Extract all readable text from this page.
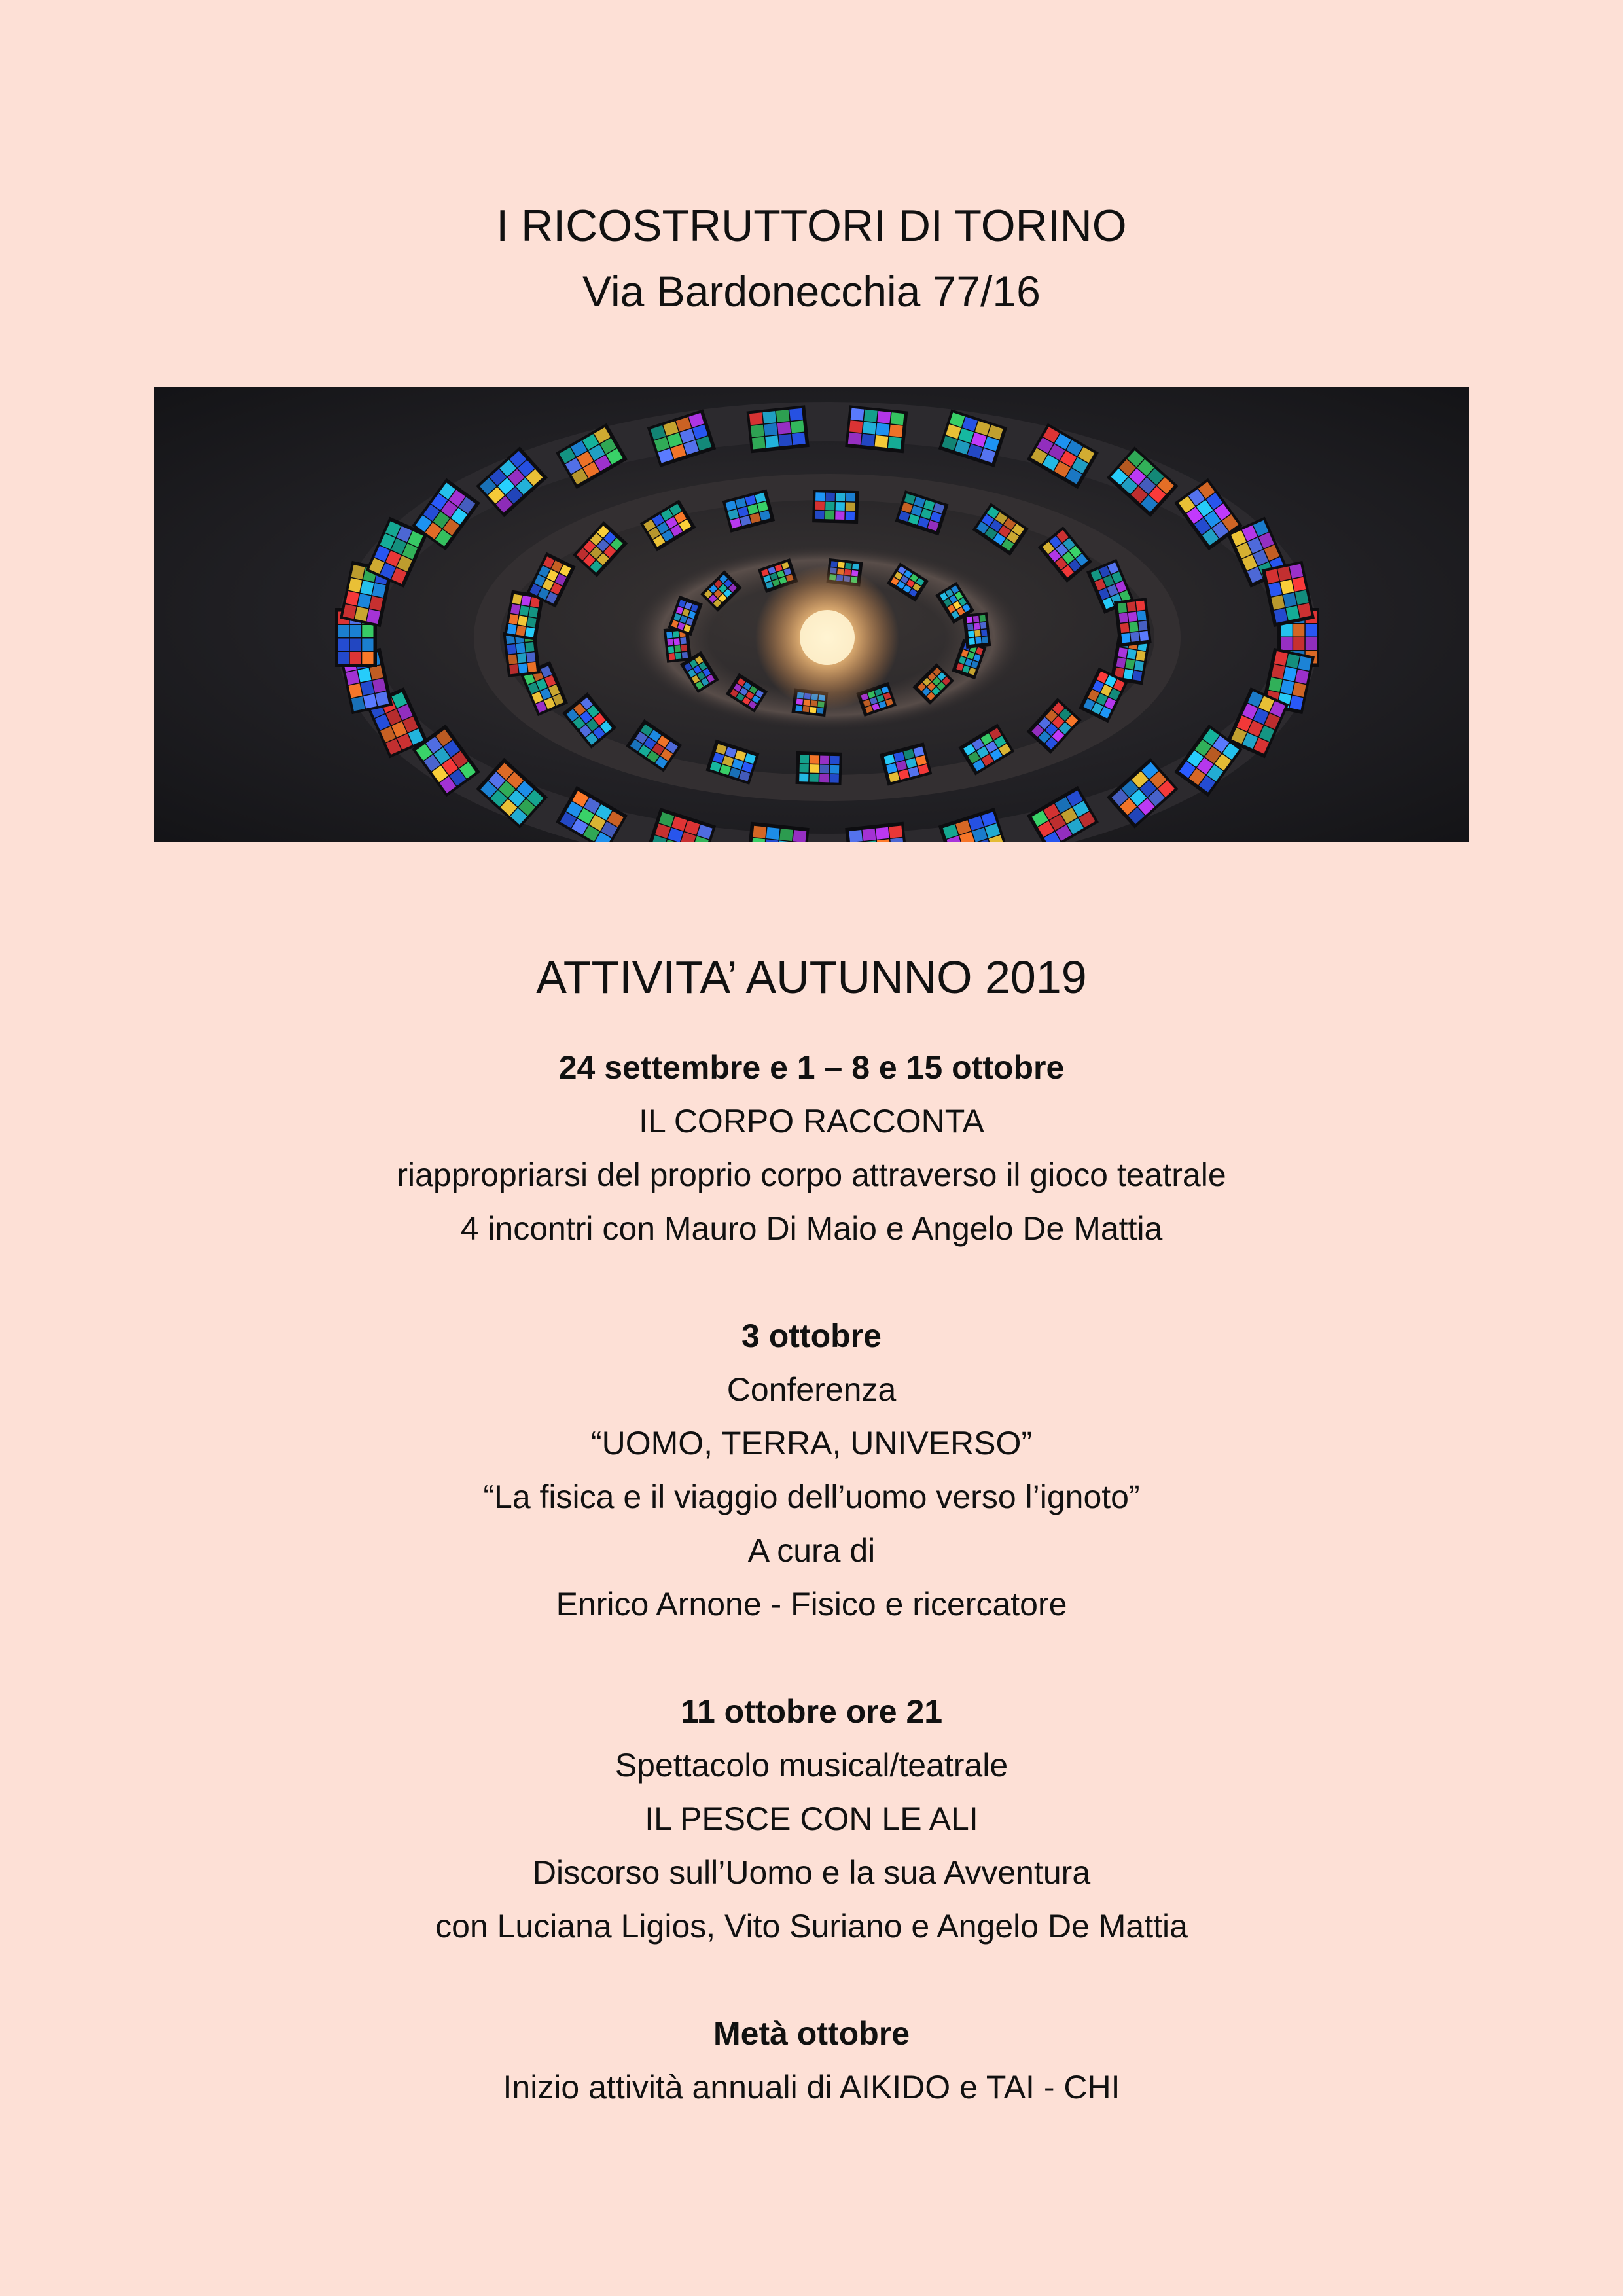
I RICOSTRUTTORI DI TORINO
Via Bardonecchia 77/16
ATTIVITA’ AUTUNNO 2019
24 settembre e 1 – 8 e 15 ottobre
IL CORPO RACCONTA
riappropriarsi del proprio corpo attraverso il gioco teatrale
4 incontri con Mauro Di Maio e Angelo De Mattia
3 ottobre
Conferenza
“UOMO, TERRA, UNIVERSO”
“La fisica e il viaggio dell’uomo verso l’ignoto”
A cura di
Enrico Arnone - Fisico e ricercatore
11 ottobre ore 21
Spettacolo musical/teatrale
IL PESCE CON LE ALI
Discorso sull’Uomo e la sua Avventura
con Luciana Ligios, Vito Suriano e Angelo De Mattia
Metà ottobre
Inizio attività annuali di AIKIDO e TAI - CHI
